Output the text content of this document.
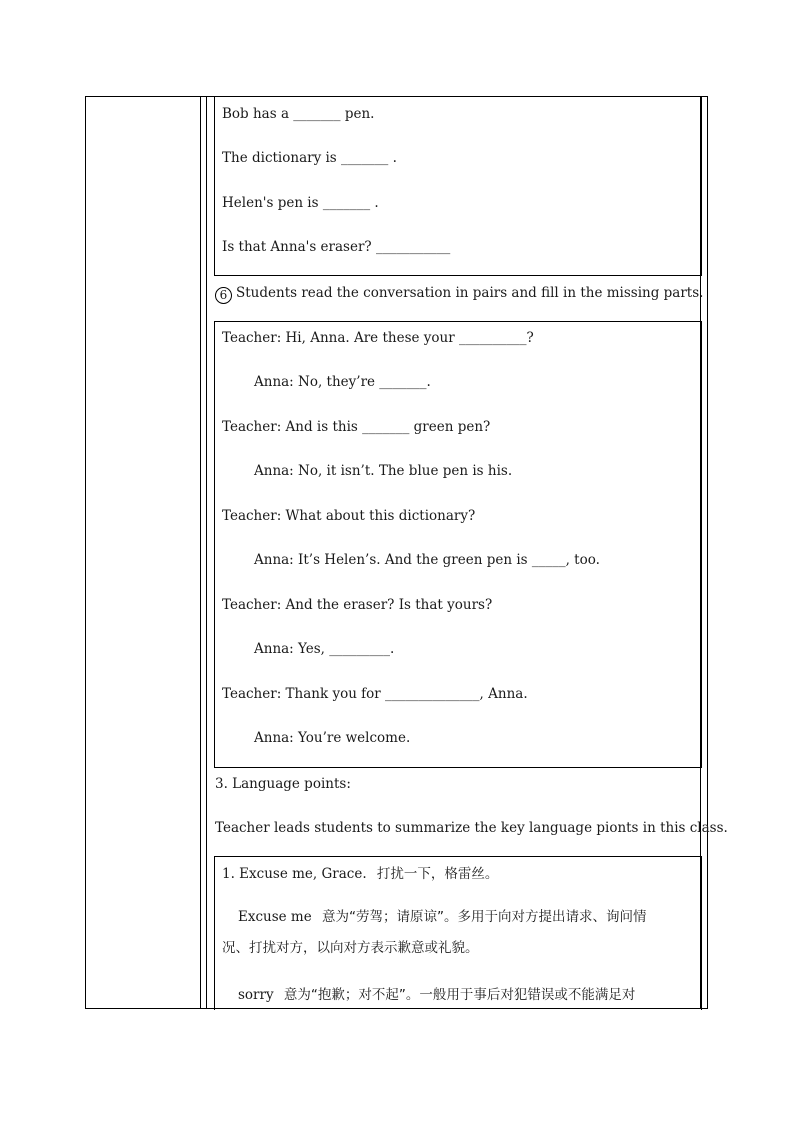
Bob has a _______ pen.
The dictionary is _______ .
Helen's pen is _______ .
Is that Anna's eraser? ___________
6 Students read the conversation in pairs and fill in the missing parts.
Teacher: Hi, Anna. Are these your __________?
Anna: No, they’re _______.
Teacher: And is this _______ green pen?
Anna: No, it isn’t. The blue pen is his.
Teacher: What about this dictionary?
Anna: It’s Helen’s. And the green pen is _____, too.
Teacher: And the eraser? Is that yours?
Anna: Yes, _________.
Teacher: Thank you for ______________, Anna.
Anna: You’re welcome.
3. Language points:
Teacher leads students to summarize the key language pionts in this class.
1. Excuse me, Grace. 打扰一下，格雷丝。
Excuse me 意为“劳驾；请原谅”。多用于向对方提出请求、询问情
况、打扰对方，以向对方表示歉意或礼貌。
sorry 意为“抱歉；对不起”。一般用于事后对犯错误或不能满足对
